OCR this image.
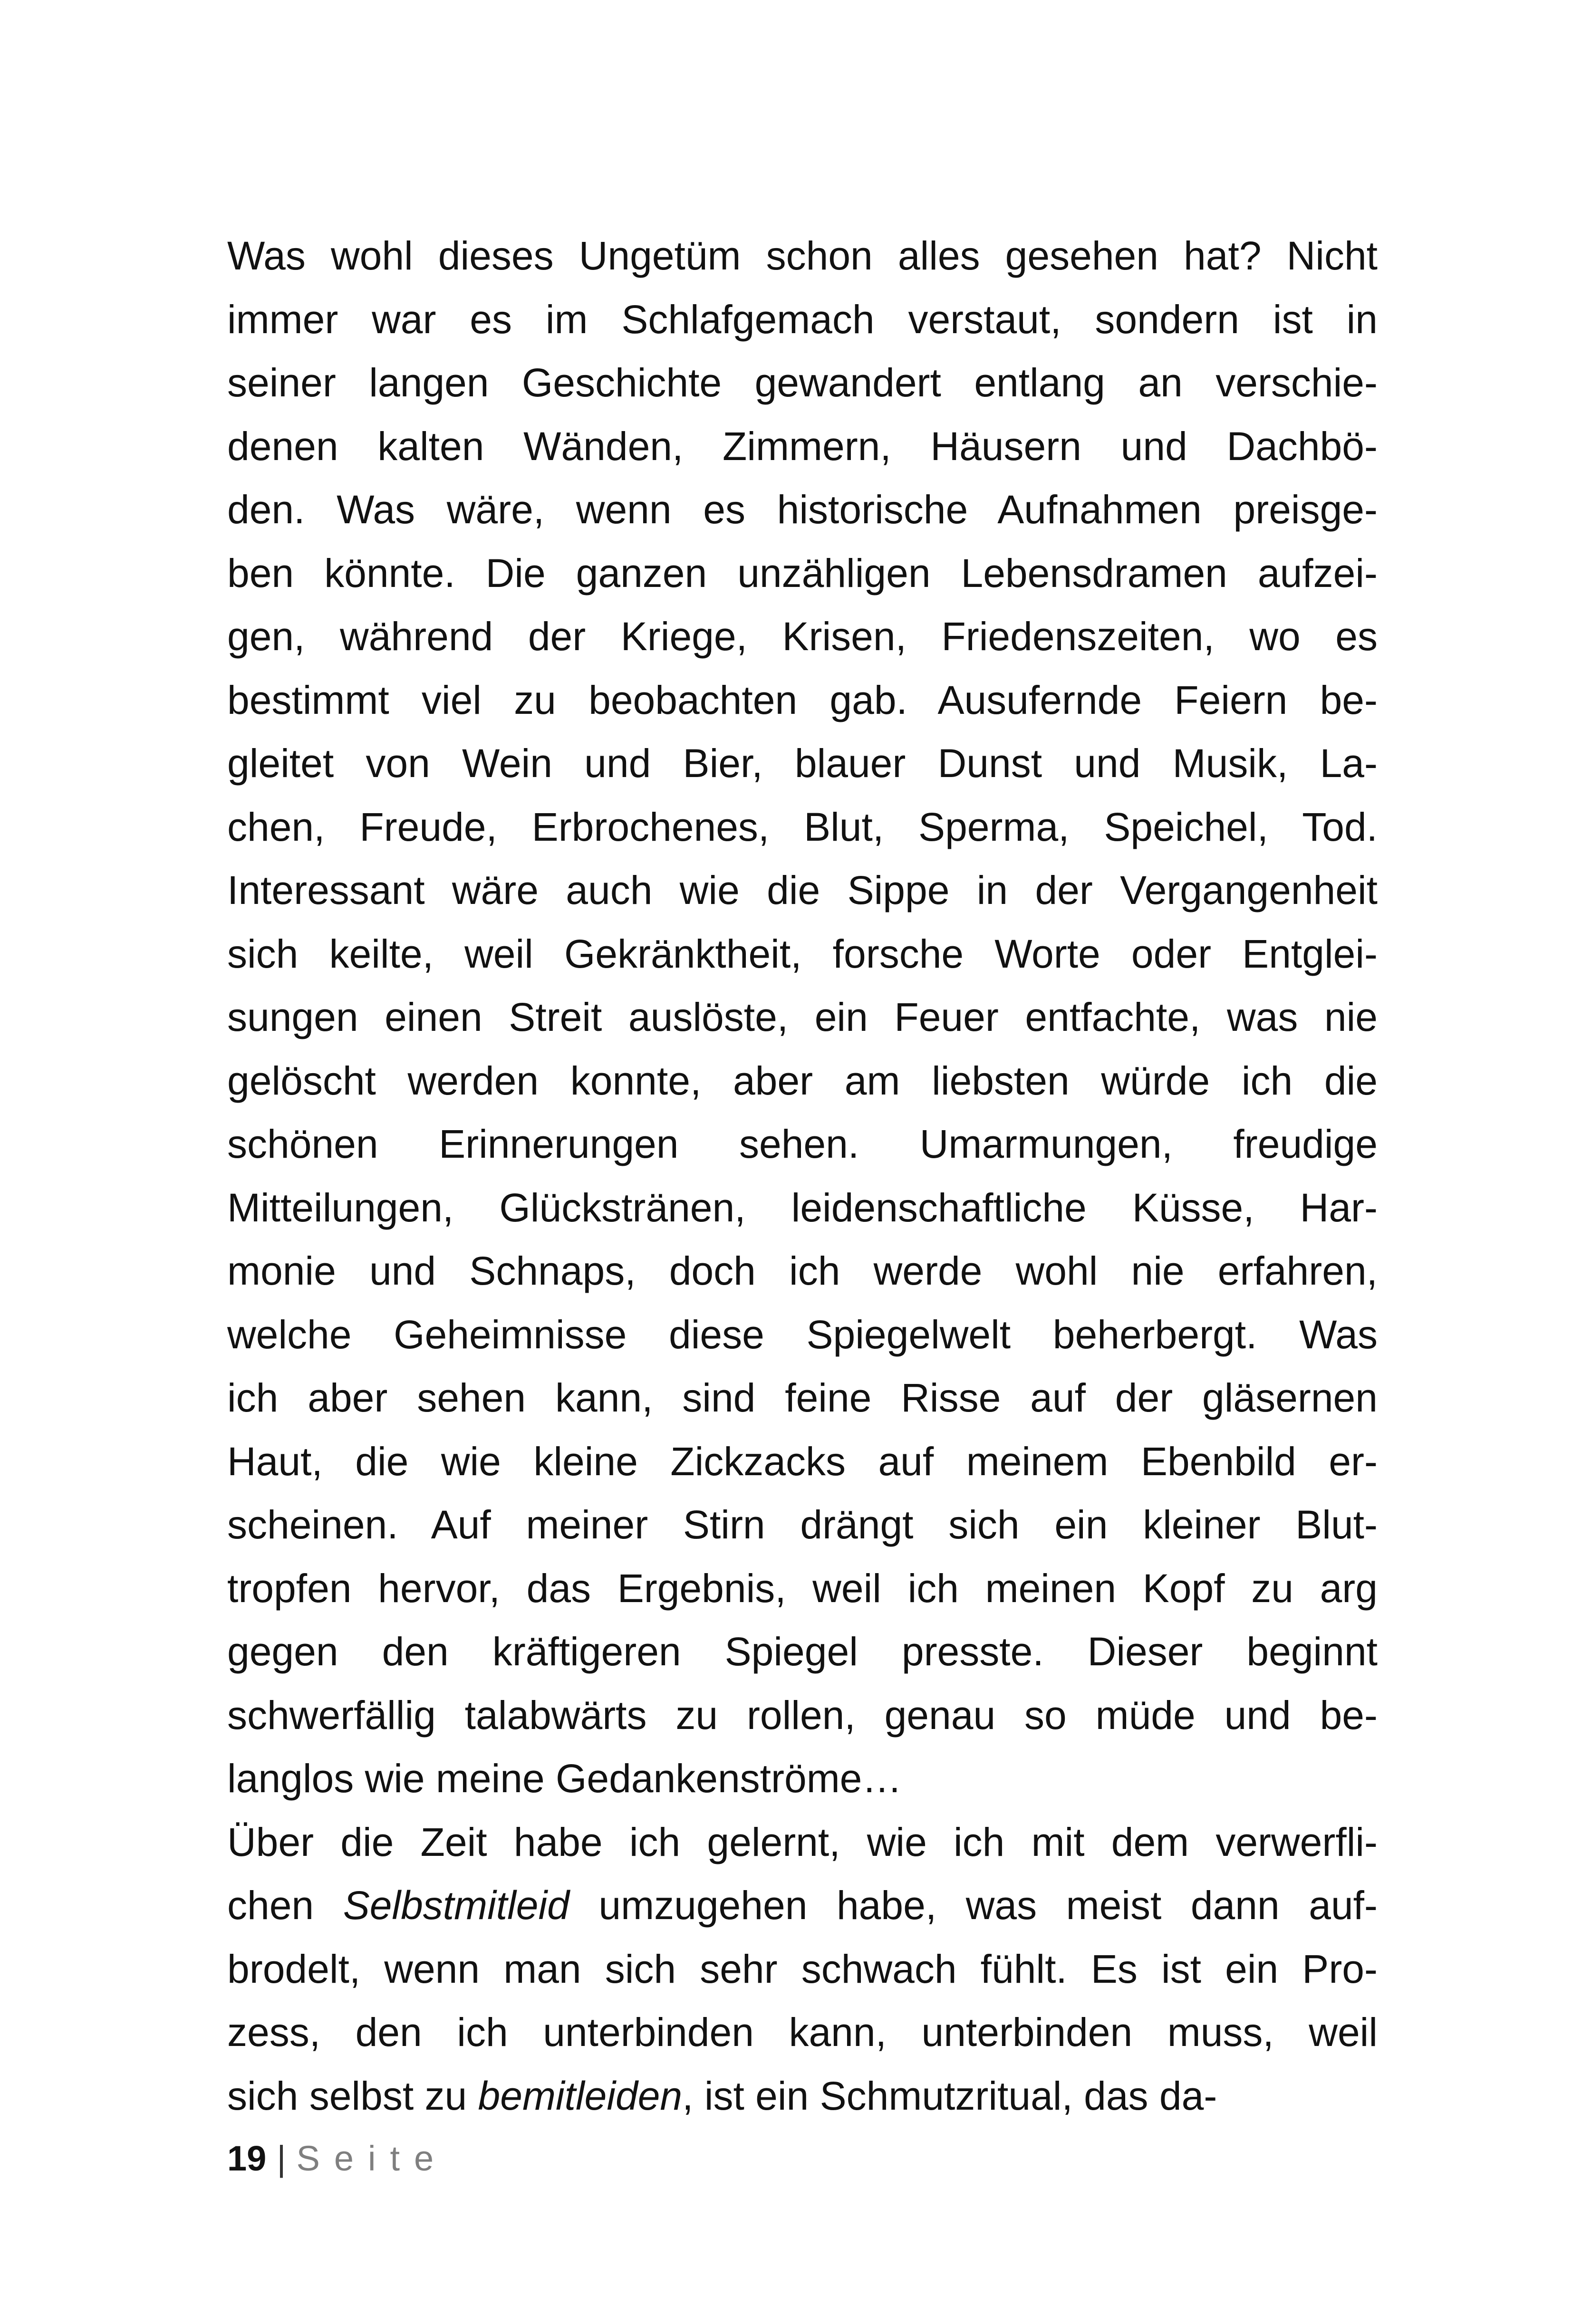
Was wohl dieses Ungetüm schon alles gesehen hat? Nicht
immer war es im Schlafgemach verstaut, sondern ist in
seiner langen Geschichte gewandert entlang an verschie-
denen kalten Wänden, Zimmern, Häusern und Dachbö-
den. Was wäre, wenn es historische Aufnahmen preisge-
ben könnte. Die ganzen unzähligen Lebensdramen aufzei-
gen, während der Kriege, Krisen, Friedenszeiten, wo es
bestimmt viel zu beobachten gab. Ausufernde Feiern be-
gleitet von Wein und Bier, blauer Dunst und Musik, La-
chen, Freude, Erbrochenes, Blut, Sperma, Speichel, Tod.
Interessant wäre auch wie die Sippe in der Vergangenheit
sich keilte, weil Gekränktheit, forsche Worte oder Entglei-
sungen einen Streit auslöste, ein Feuer entfachte, was nie
gelöscht werden konnte, aber am liebsten würde ich die
schönen Erinnerungen sehen. Umarmungen, freudige
Mitteilungen, Glückstränen, leidenschaftliche Küsse, Har-
monie und Schnaps, doch ich werde wohl nie erfahren,
welche Geheimnisse diese Spiegelwelt beherbergt. Was
ich aber sehen kann, sind feine Risse auf der gläsernen
Haut, die wie kleine Zickzacks auf meinem Ebenbild er-
scheinen. Auf meiner Stirn drängt sich ein kleiner Blut-
tropfen hervor, das Ergebnis, weil ich meinen Kopf zu arg
gegen den kräftigeren Spiegel presste. Dieser beginnt
schwerfällig talabwärts zu rollen, genau so müde und be-
langlos wie meine Gedankenströme…
Über die Zeit habe ich gelernt, wie ich mit dem verwerfli-
chen Selbstmitleid umzugehen habe, was meist dann auf-
brodelt, wenn man sich sehr schwach fühlt. Es ist ein Pro-
zess, den ich unterbinden kann, unterbinden muss, weil
sich selbst zu bemitleiden, ist ein Schmutzritual, das da-
19 | Seite
